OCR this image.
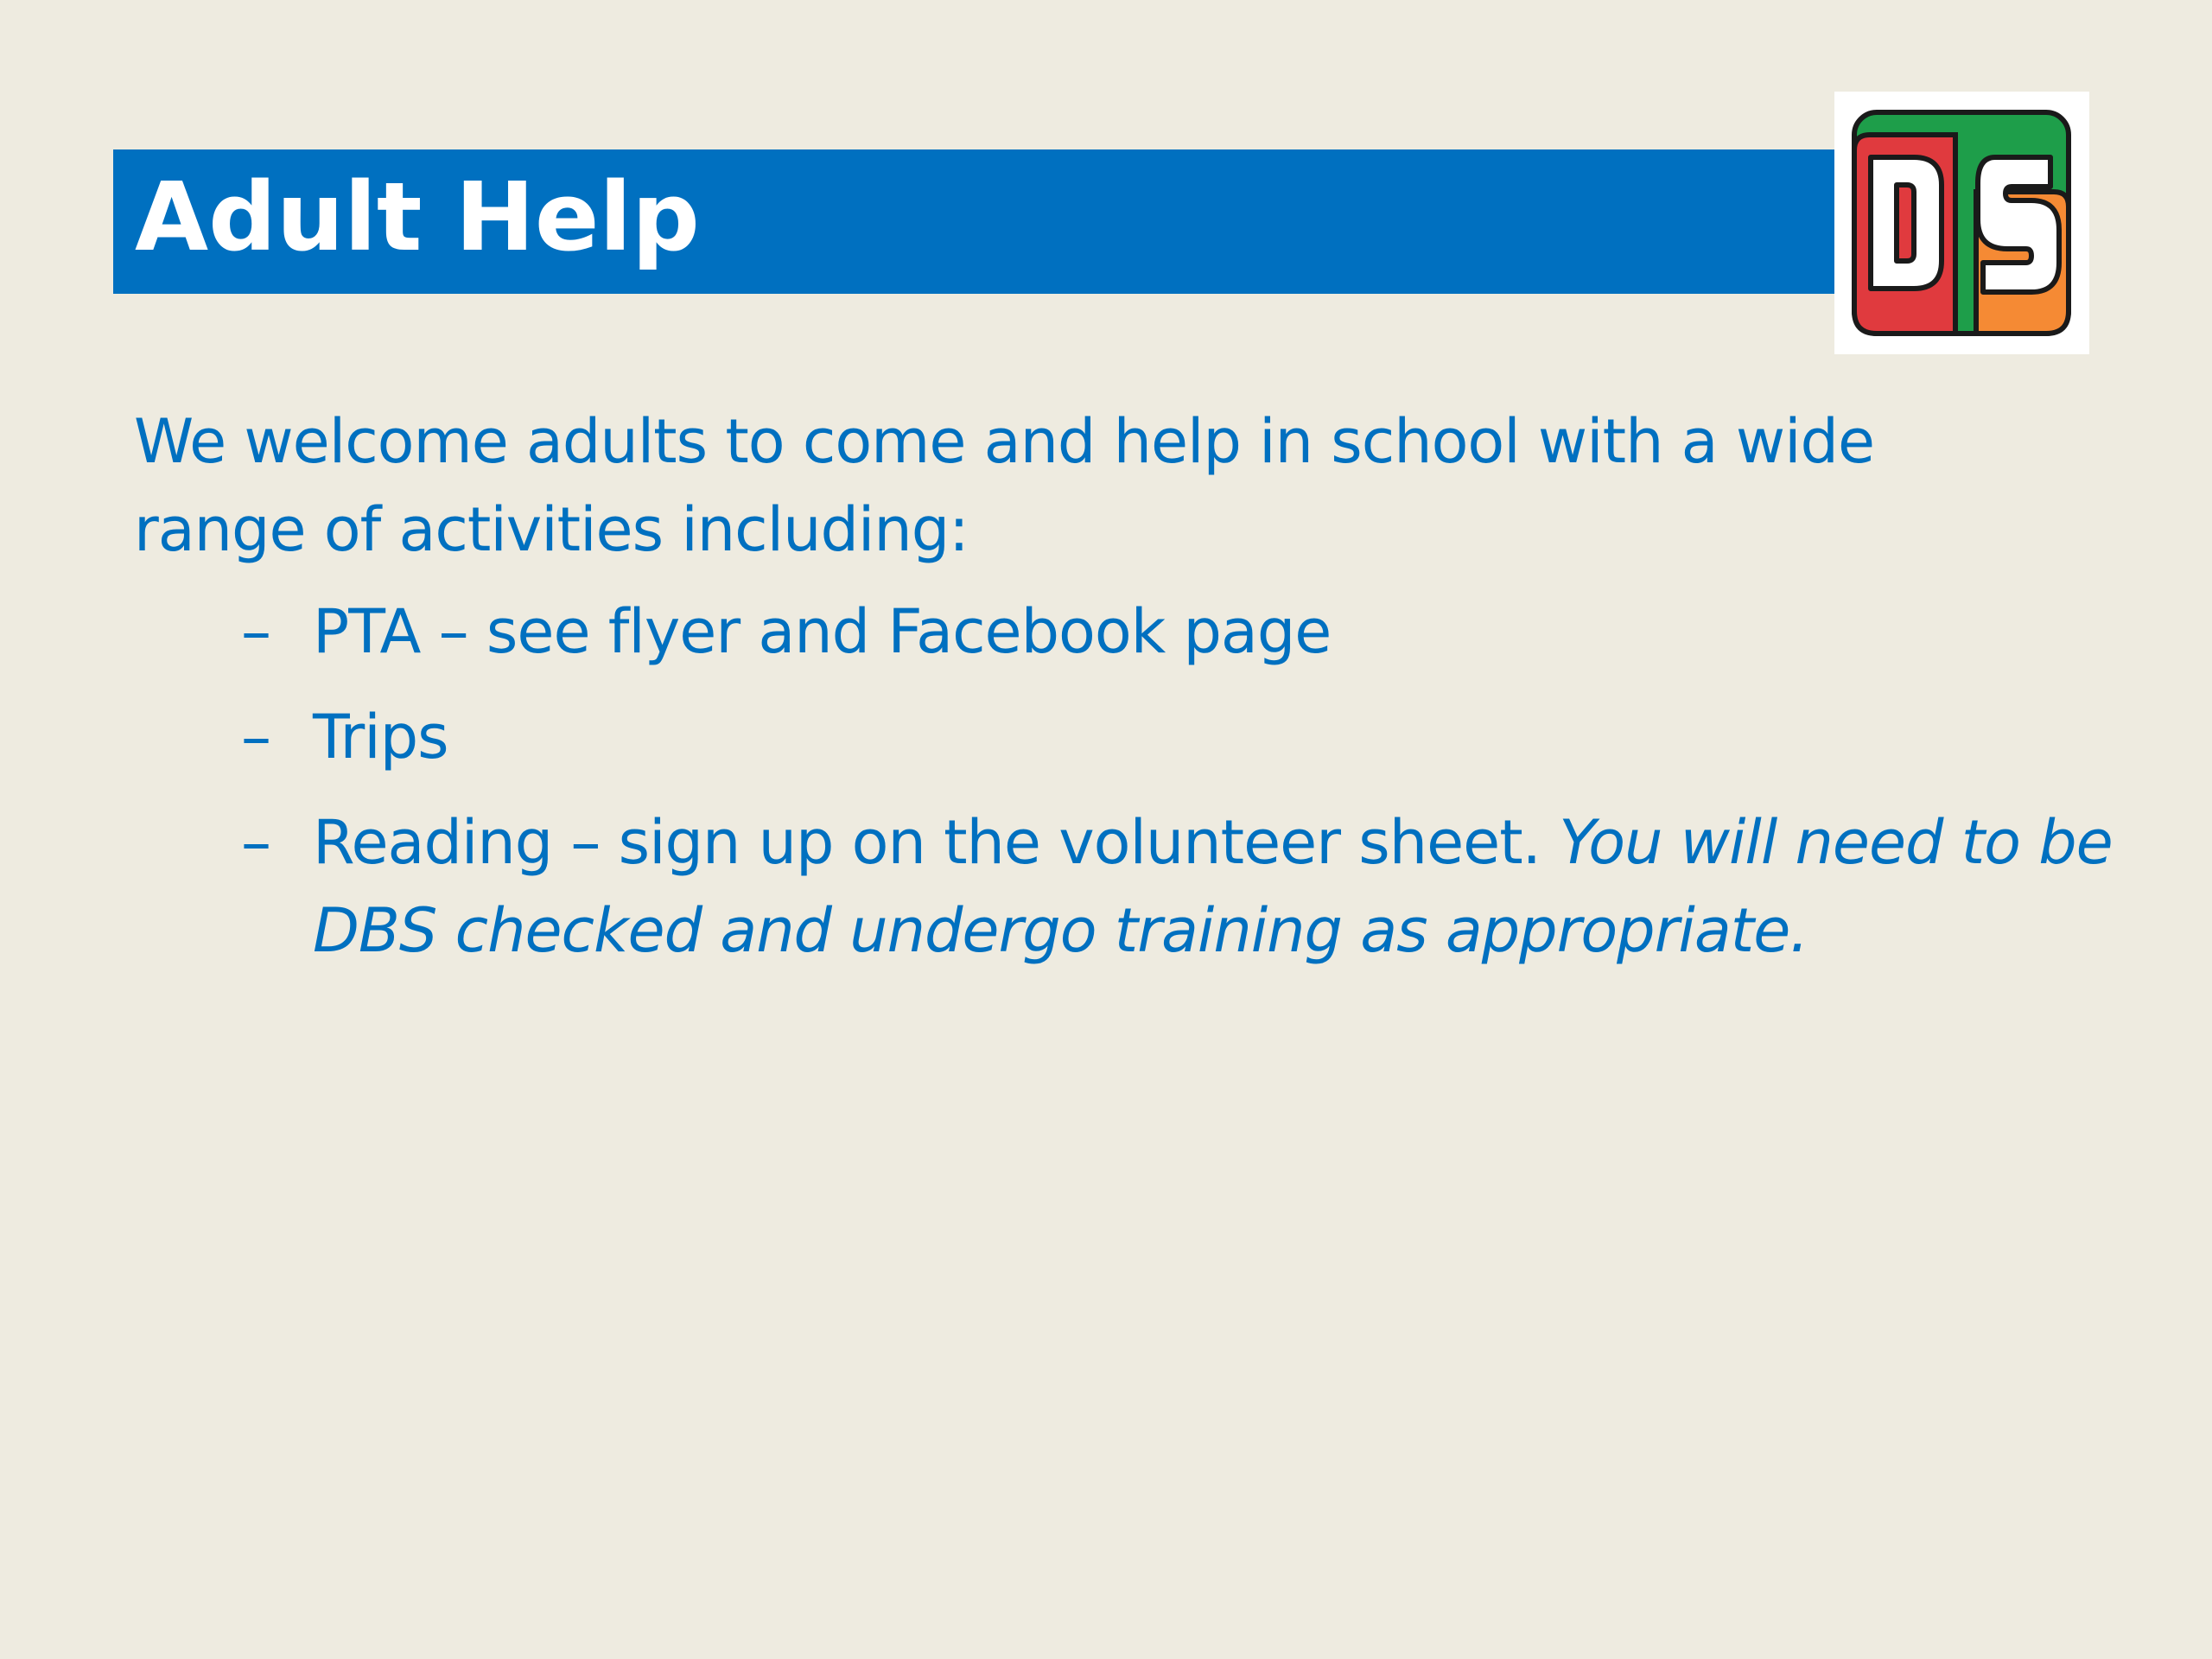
Adult Help

We welcome adults to come and help in school with a wide range of activities including:

– PTA – see flyer and Facebook page
– Trips
– Reading – sign up on the volunteer sheet. You will need to be DBS checked and undergo training as appropriate.
